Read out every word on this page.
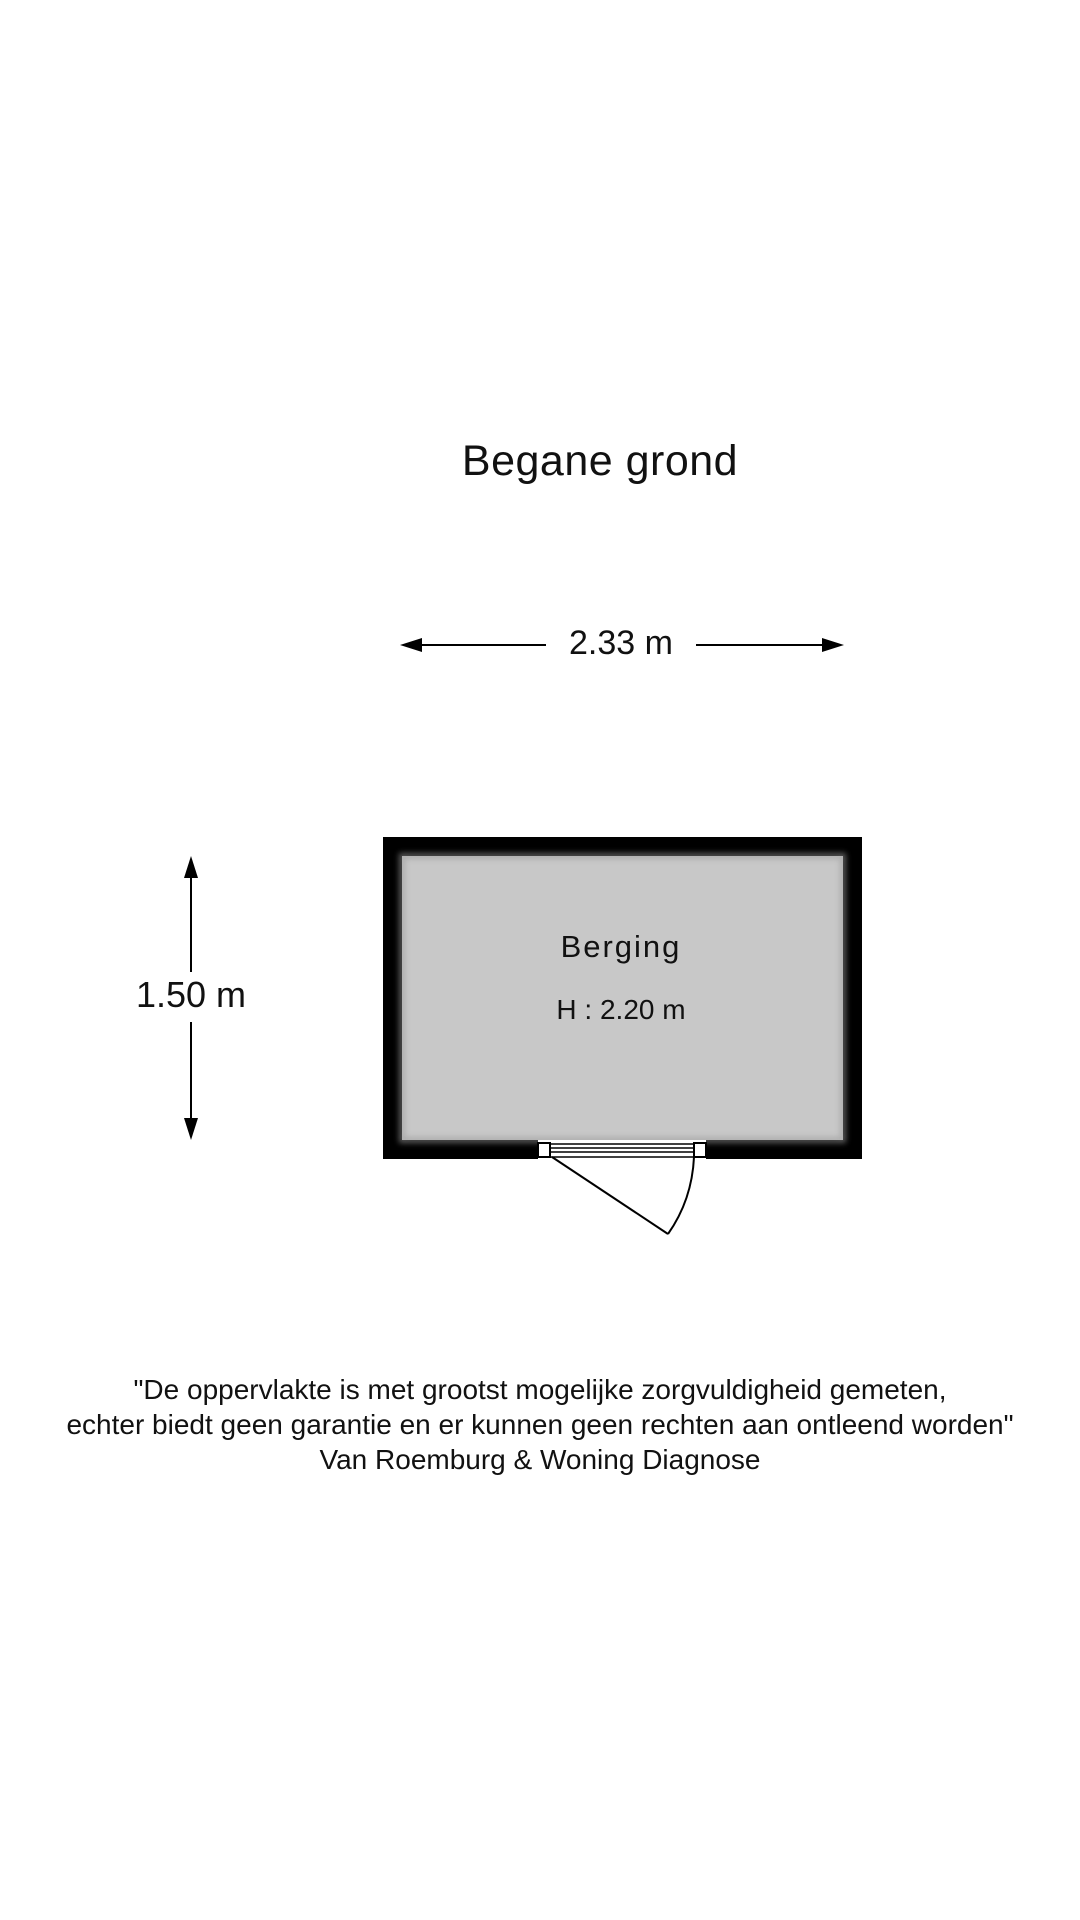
Begane grond
2.33 m
1.50 m
Berging
H : 2.20 m
"De oppervlakte is met grootst mogelijke zorgvuldigheid gemeten,
echter biedt geen garantie en er kunnen geen rechten aan ontleend worden"
Van Roemburg & Woning Diagnose
